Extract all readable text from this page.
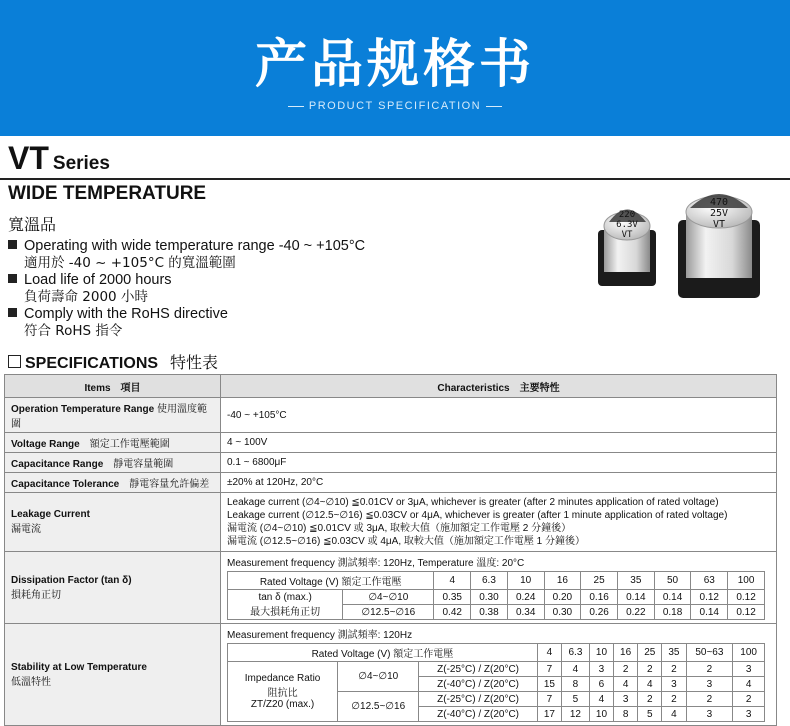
产品规格书
PRODUCT SPECIFICATION
VT Series
WIDE TEMPERATURE
寬溫品
Operating with wide temperature range -40 ~ +105°C
適用於 -40 ~ +105°C 的寬溫範圍
Load life of 2000 hours
負荷壽命 2000 小時
Comply with the RoHS directive
符合 RoHS 指令
220
6.3V
VT
470
25V
VT
SPECIFICATIONS 特性表
Items　項目	Characteristics　主要特性
Operation Temperature Range 使用溫度範圍	-40 ~ +105°C
Voltage Range　 額定工作電壓範圍	4 ~ 100V
Capacitance Range　 靜電容量範圍	0.1 ~ 6800μF
Capacitance Tolerance　 靜電容量允許偏差	±20% at 120Hz, 20°C

Leakage Current
漏電流

Leakage current (∅4~∅10) ≦0.01CV or 3μA, whichever is greater (after 2 minutes application of rated voltage)
Leakage current (∅12.5~∅16) ≦0.03CV or 4μA, whichever is greater (after 1 minute application of rated voltage)
漏電流 (∅4~∅10) ≦0.01CV 或 3μA, 取較大值（施加額定工作電壓 2 分鐘後）
漏電流 (∅12.5~∅16) ≦0.03CV 或 4μA, 取較大值（施加額定工作電壓 1 分鐘後）

Dissipation Factor (tan δ)
損耗角正切

Measurement frequency 測試頻率: 120Hz, Temperature 溫度: 20°C
Rated Voltage (V) 額定工作電壓	4	6.3	10	16	25	35	50	63	100

tan δ (max.)
最大損耗角正切
	∅4~∅10	0.35	0.30	0.24	0.20	0.16	0.14	0.14	0.12	0.12
∅12.5~∅16	0.42	0.38	0.34	0.30	0.26	0.22	0.18	0.14	0.12

Stability at Low Temperature
低溫特性

Measurement frequency 測試頻率: 120Hz
Rated Voltage (V) 額定工作電壓	4	6.3	10	16	25	35	50~63	100

Impedance Ratio
阻抗比
ZT/Z20 (max.)
	∅4~∅10	Z(-25°C) / Z(20°C)	7	4	3	2	2	2	2	3
Z(-40°C) / Z(20°C)	15	8	6	4	4	3	3	4
∅12.5~∅16	Z(-25°C) / Z(20°C)	7	5	4	3	2	2	2	2
Z(-40°C) / Z(20°C)	17	12	10	8	5	4	3	3
